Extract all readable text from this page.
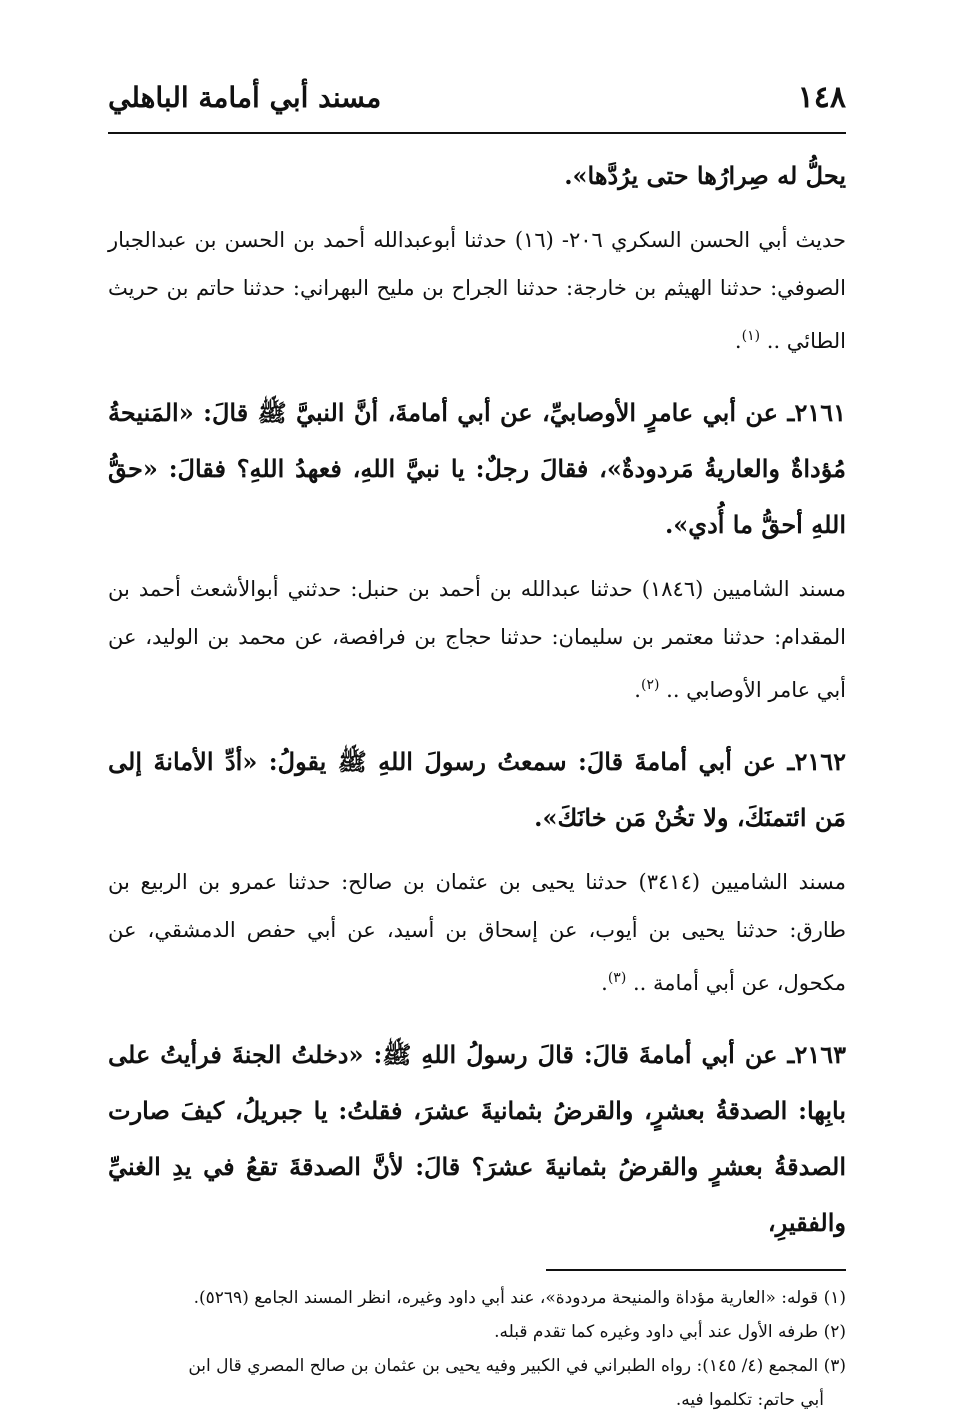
١٤٨
مسند أبي أمامة الباهلي

يحلُّ له صِرارُها حتى يرُدَّها».

حديث أبي الحسن السكري ٢٠٦- (١٦) حدثنا أبوعبدالله أحمد بن الحسن بن عبدالجبار الصوفي: حدثنا الهيثم بن خارجة: حدثنا الجراح بن مليح البهراني: حدثنا حاتم بن حريث الطائي .. $^{(١)}$.

٢١٦١ـ عن أبي عامرٍ الأوصابيِّ، عن أبي أمامةَ، أنَّ النبيَّ ﷺ قالَ: «المَنيحةُ مُؤداةٌ والعاريةُ مَردودةٌ»، فقالَ رجلٌ: يا نبيَّ اللهِ، فعهدُ اللهِ؟ فقالَ: «حقُّ اللهِ أحقُّ ما أُدي».

مسند الشاميين (١٨٤٦) حدثنا عبدالله بن أحمد بن حنبل: حدثني أبوالأشعث أحمد بن المقدام: حدثنا معتمر بن سليمان: حدثنا حجاج بن فرافصة، عن محمد بن الوليد، عن أبي عامر الأوصابي .. $^{(٢)}$.

٢١٦٢ـ عن أبي أمامةَ قالَ: سمعتُ رسولَ اللهِ ﷺ يقولُ: «أدِّ الأمانةَ إلى مَن ائتمنَكَ، ولا تخُنْ مَن خانَكَ».

مسند الشاميين (٣٤١٤) حدثنا يحيى بن عثمان بن صالح: حدثنا عمرو بن الربيع بن طارق: حدثنا يحيى بن أيوب، عن إسحاق بن أسيد، عن أبي حفص الدمشقي، عن مكحول، عن أبي أمامة .. $^{(٣)}$.

٢١٦٣ـ عن أبي أمامةَ قالَ: قالَ رسولُ اللهِ ﷺ: «دخلتُ الجنةَ فرأيتُ على بابِها: الصدقةُ بعشرٍ، والقرضُ بثمانيةَ عشرَ، فقلتُ: يا جبريلُ، كيفَ صارت الصدقةُ بعشرٍ والقرضُ بثمانيةَ عشرَ؟ قالَ: لأنَّ الصدقةَ تقعُ في يدِ الغنيِّ والفقيرِ،

(١) قوله: «العارية مؤداة والمنيحة مردودة»، عند أبي داود وغيره، انظر المسند الجامع (٥٢٦٩).

(٢) طرفه الأول عند أبي داود وغيره كما تقدم قبله.

(٣) المجمع (٤/ ١٤٥): رواه الطبراني في الكبير وفيه يحيى بن عثمان بن صالح المصري قال ابن
أبي حاتم: تكلموا فيه.
